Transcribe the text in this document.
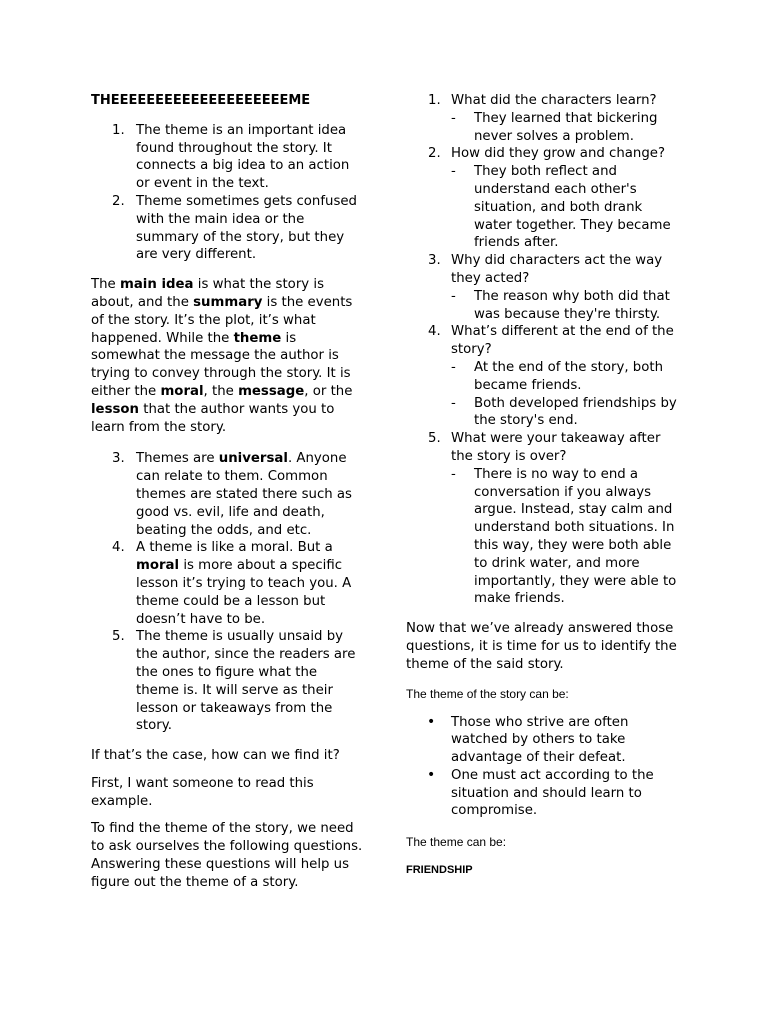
THEEEEEEEEEEEEEEEEEEEEME

1. The theme is an important idea found throughout the story. It connects a big idea to an action or event in the text.
2. Theme sometimes gets confused with the main idea or the summary of the story, but they are very different.

The main idea is what the story is about, and the summary is the events of the story. It’s the plot, it’s what happened. While the theme is somewhat the message the author is trying to convey through the story. It is either the moral, the message, or the lesson that the author wants you to learn from the story.

3. Themes are universal. Anyone can relate to them. Common themes are stated there such as good vs. evil, life and death, beating the odds, and etc.
4. A theme is like a moral. But a moral is more about a specific lesson it’s trying to teach you. A theme could be a lesson but doesn’t have to be.
5. The theme is usually unsaid by the author, since the readers are the ones to figure what the theme is. It will serve as their lesson or takeaways from the story.

If that’s the case, how can we find it?

First, I want someone to read this example.

To find the theme of the story, we need to ask ourselves the following questions. Answering these questions will help us figure out the theme of a story.

1. What did the characters learn?
- They learned that bickering never solves a problem.
2. How did they grow and change?
- They both reflect and understand each other's situation, and both drank water together. They became friends after.
3. Why did characters act the way they acted?
- The reason why both did that was because they're thirsty.
4. What’s different at the end of the story?
- At the end of the story, both became friends.
- Both developed friendships by the story's end.
5. What were your takeaway after the story is over?
- There is no way to end a conversation if you always argue. Instead, stay calm and understand both situations. In this way, they were both able to drink water, and more importantly, they were able to make friends.

Now that we’ve already answered those questions, it is time for us to identify the theme of the said story.

The theme of the story can be:

• Those who strive are often watched by others to take advantage of their defeat.
• One must act according to the situation and should learn to compromise.

The theme can be:

FRIENDSHIP
